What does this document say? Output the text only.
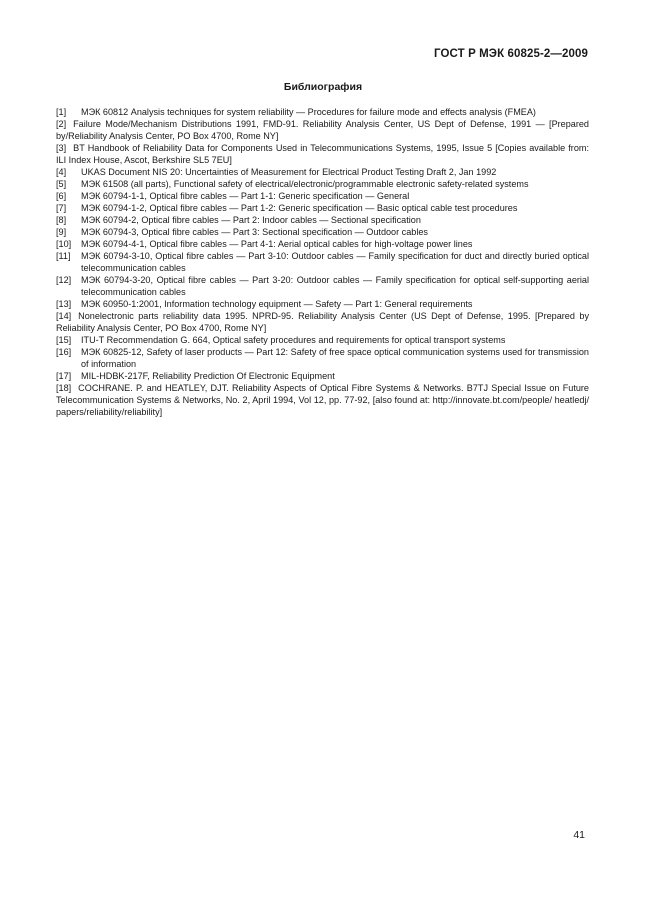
ГОСТ Р МЭК 60825-2—2009
Библиография
[1]	МЭК 60812 Analysis techniques for system reliability — Procedures for failure mode and effects analysis (FMEA)
[2] Failure Mode/Mechanism Distributions 1991, FMD-91. Reliability Analysis Center, US Dept of Defense, 1991 — [Prepared by/Reliability Analysis Center, PO Box 4700, Rome NY]
[3] BT Handbook of Reliability Data for Components Used in Telecommunications Systems, 1995, Issue 5 [Copies available from: ILI Index House, Ascot, Berkshire SL5 7EU]
[4]	UKAS Document NIS 20: Uncertainties of Measurement for Electrical Product Testing Draft 2, Jan 1992
[5]	МЭК 61508 (all parts), Functional safety of electrical/electronic/programmable electronic safety-related systems
[6]	МЭК 60794-1-1, Optical fibre cables — Part 1-1: Generic specification — General
[7]	МЭК 60794-1-2, Optical fibre cables — Part 1-2: Generic specification — Basic optical cable test procedures
[8]	МЭК 60794-2, Optical fibre cables — Part 2: Indoor cables — Sectional specification
[9]	МЭК 60794-3, Optical fibre cables — Part 3: Sectional specification — Outdoor cables
[10]	МЭК 60794-4-1, Optical fibre cables — Part 4-1: Aerial optical cables for high-voltage power lines
[11]	МЭК 60794-3-10, Optical fibre cables — Part 3-10: Outdoor cables — Family specification for duct and directly buried optical telecommunication cables
[12]	МЭК 60794-3-20, Optical fibre cables — Part 3-20: Outdoor cables — Family specification for optical self-supporting aerial telecommunication cables
[13]	МЭК 60950-1:2001, Information technology equipment — Safety — Part 1: General requirements
[14] Nonelectronic parts reliability data 1995. NPRD-95. Reliability Analysis Center (US Dept of Defense, 1995. [Prepared by Reliability Analysis Center, PO Box 4700, Rome NY]
[15]	ITU-T Recommendation G. 664, Optical safety procedures and requirements for optical transport systems
[16]	МЭК 60825-12, Safety of laser products — Part 12: Safety of free space optical communication systems used for transmission of information
[17]	MIL-HDBK-217F, Reliability Prediction Of Electronic Equipment
[18] COCHRANE. P. and HEATLEY, DJT. Reliability Aspects of Optical Fibre Systems & Networks. B7TJ Special Issue on Future Telecommunication Systems & Networks, No. 2, April 1994, Vol 12, pp. 77-92, [also found at: http://innovate.bt.com/people/ heatledj/ papers/reliability/reliability]
41
